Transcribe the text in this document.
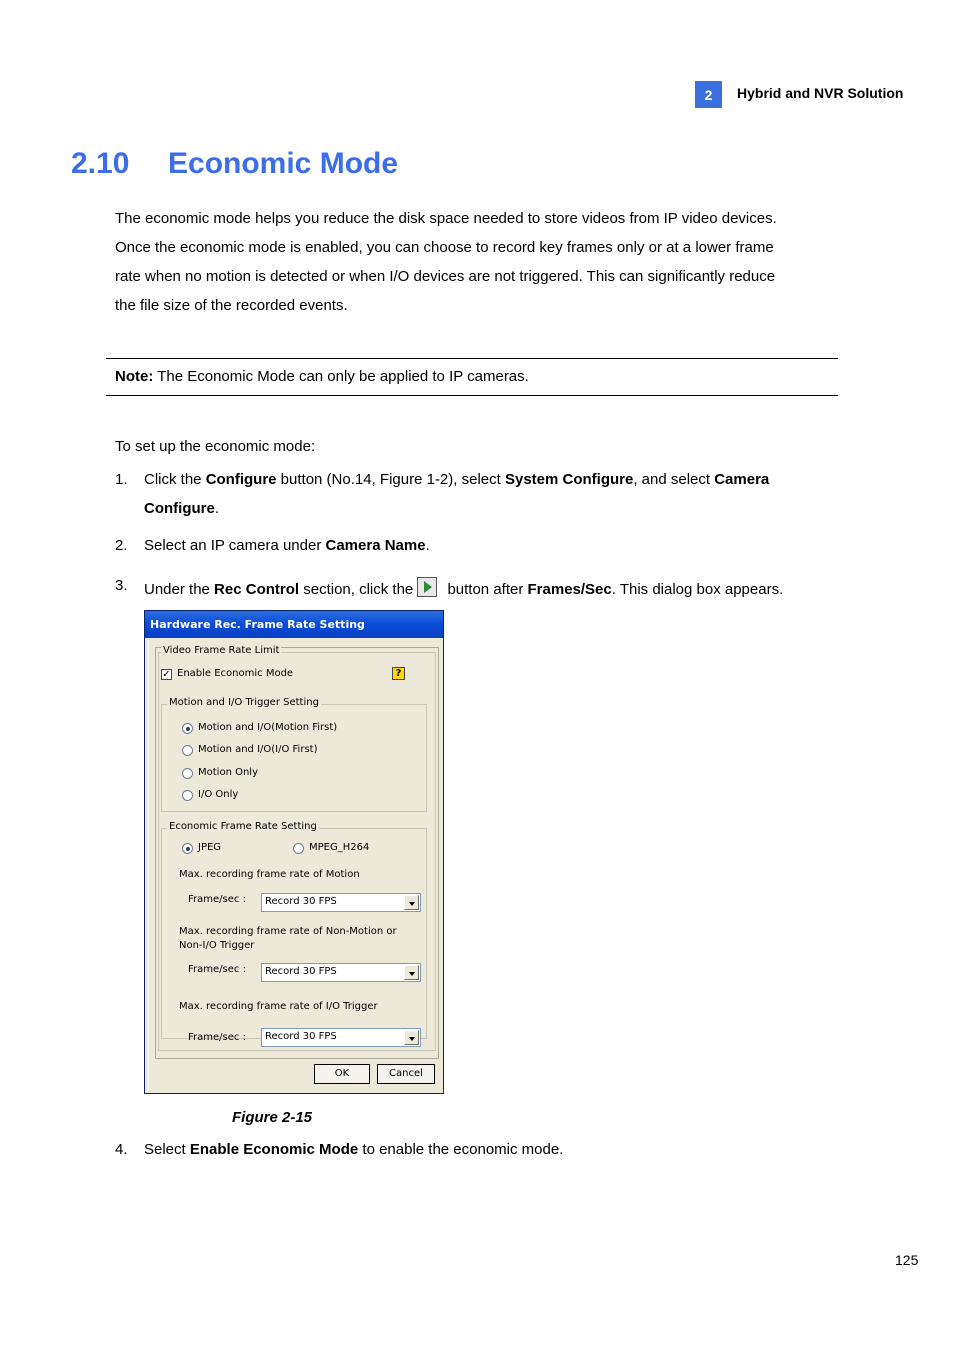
2	Hybrid and NVR Solution
2.10 Economic Mode
The economic mode helps you reduce the disk space needed to store videos from IP video devices.
Once the economic mode is enabled, you can choose to record key frames only or at a lower frame
rate when no motion is detected or when I/O devices are not triggered. This can significantly reduce
the file size of the recorded events.
Note: The Economic Mode can only be applied to IP cameras.
To set up the economic mode:
1. Click the Configure button (No.14, Figure 1-2), select System Configure, and select Camera
Configure.
2. Select an IP camera under Camera Name.
3. Under the Rec Control section, click the button after Frames/Sec. This dialog box appears.
Hardware Rec. Frame Rate Setting
Video Frame Rate Limit
✓ Enable Economic Mode	?
Motion and I/O Trigger Setting
Motion and I/O(Motion First)
Motion and I/O(I/O First)
Motion Only
I/O Only
Economic Frame Rate Setting
JPEG	MPEG_H264
Max. recording frame rate of Motion
Frame/sec : Record 30 FPS
Max. recording frame rate of Non-Motion or
Non-I/O Trigger
Frame/sec : Record 30 FPS
Max. recording frame rate of I/O Trigger
Frame/sec : Record 30 FPS
OK	Cancel
Figure 2-15
4. Select Enable Economic Mode to enable the economic mode.
125
